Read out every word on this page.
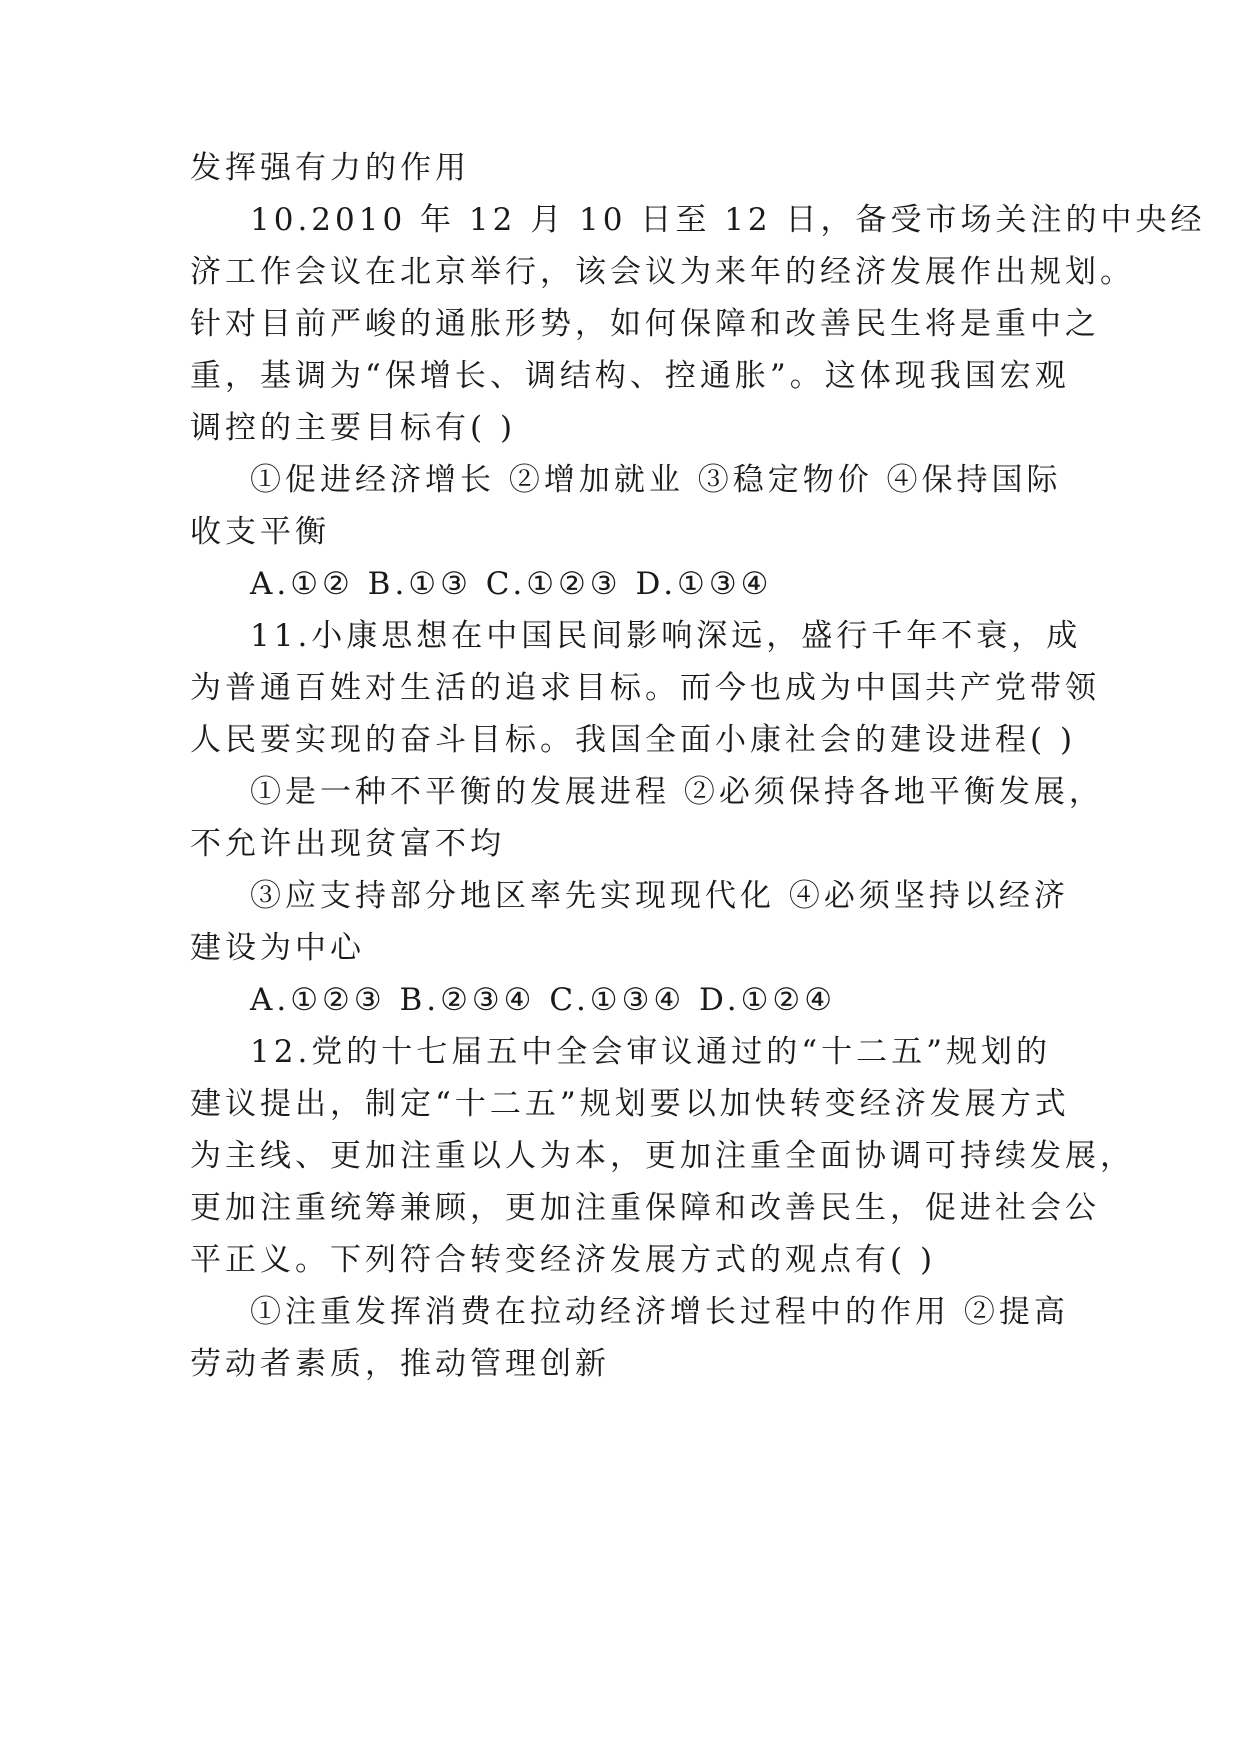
发挥强有力的作用
10.2010 年 12 月 10 日至 12 日，备受市场关注的中央经
济工作会议在北京举行，该会议为来年的经济发展作出规划。
针对目前严峻的通胀形势，如何保障和改善民生将是重中之
重，基调为“保增长、调结构、控通胀”。这体现我国宏观
调控的主要目标有( )
①促进经济增长 ②增加就业 ③稳定物价 ④保持国际
收支平衡
A.①② B.①③ C.①②③ D.①③④
11.小康思想在中国民间影响深远，盛行千年不衰，成
为普通百姓对生活的追求目标。而今也成为中国共产党带领
人民要实现的奋斗目标。我国全面小康社会的建设进程( )
①是一种不平衡的发展进程 ②必须保持各地平衡发展，
不允许出现贫富不均
③应支持部分地区率先实现现代化 ④必须坚持以经济
建设为中心
A.①②③ B.②③④ C.①③④ D.①②④
12.党的十七届五中全会审议通过的“十二五”规划的
建议提出，制定“十二五”规划要以加快转变经济发展方式
为主线、更加注重以人为本，更加注重全面协调可持续发展，
更加注重统筹兼顾，更加注重保障和改善民生，促进社会公
平正义。下列符合转变经济发展方式的观点有( )
①注重发挥消费在拉动经济增长过程中的作用 ②提高
劳动者素质，推动管理创新
